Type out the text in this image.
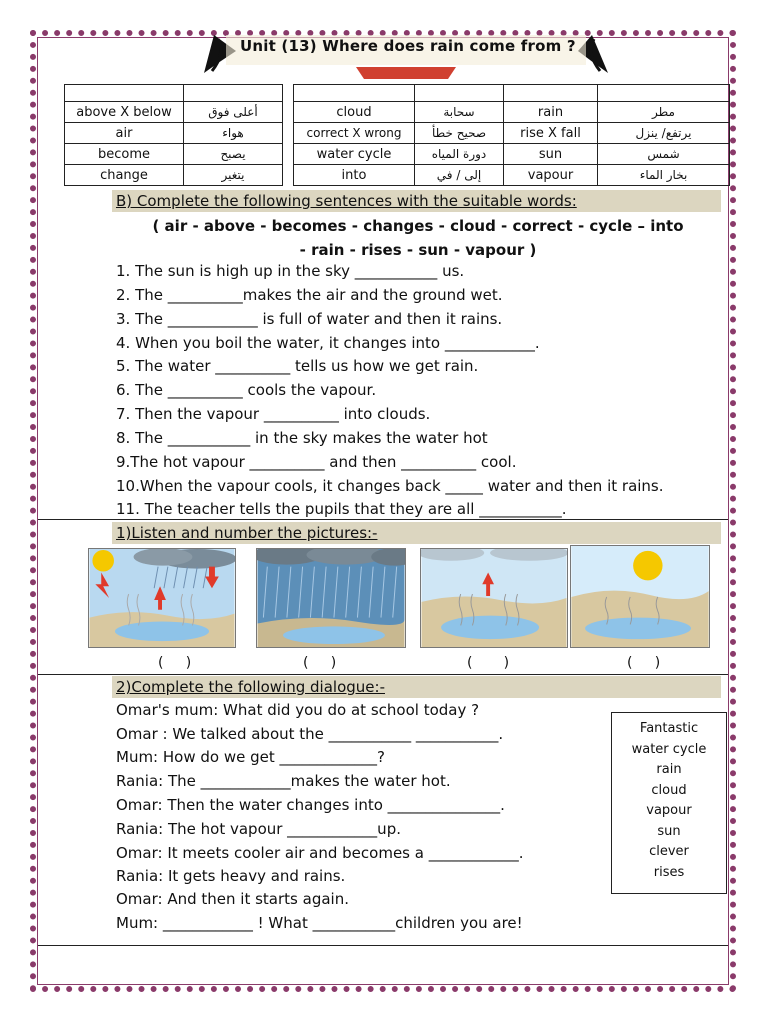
Unit (13) Where does rain come from ?

above X below	أعلى فوق
air	هواء
become	يصبح
change	يتغير

cloud	سحابة	rain	مطر
correct X wrong	صحيح خطأ	rise X fall	يرتفع/ ينزل
water cycle	دورة المياه	sun	شمس
into	إلى / في	vapour	بخار الماء
B) Complete the following sentences with the suitable words:
( air - above - becomes - changes - cloud - correct - cycle – into
- rain - rises - sun - vapour )
1. The sun is high up in the sky ___________ us.
2. The __________makes the air and the ground wet.
3. The ____________ is full of water and then it rains.
4. When you boil the water, it changes into ____________.
5. The water __________ tells us how we get rain.
6. The __________ cools the vapour.
7. Then the vapour __________ into clouds.
8. The ___________ in the sky makes the water hot
9.The hot vapour __________ and then __________ cool.
10.When the vapour cools, it changes back _____ water and then it rains.
11. The teacher tells the pupils that they are all ___________.
1)Listen and number the pictures:-
(     )	(     )	(       )	(     )
2)Complete the following dialogue:-
Omar's mum: What did you do at school today ?
Omar : We talked about the ___________ ___________.
Mum: How do we get _____________?
Rania: The ____________makes the water hot.
Omar: Then the water changes into _______________.
Rania: The hot vapour ____________up.
Omar: It meets cooler air and becomes a ____________.
Rania: It gets heavy and rains.
Omar: And then it starts again.
Mum: ____________ ! What ___________children you are!
Fantastic
water cycle
rain
cloud
vapour
sun
clever
rises
